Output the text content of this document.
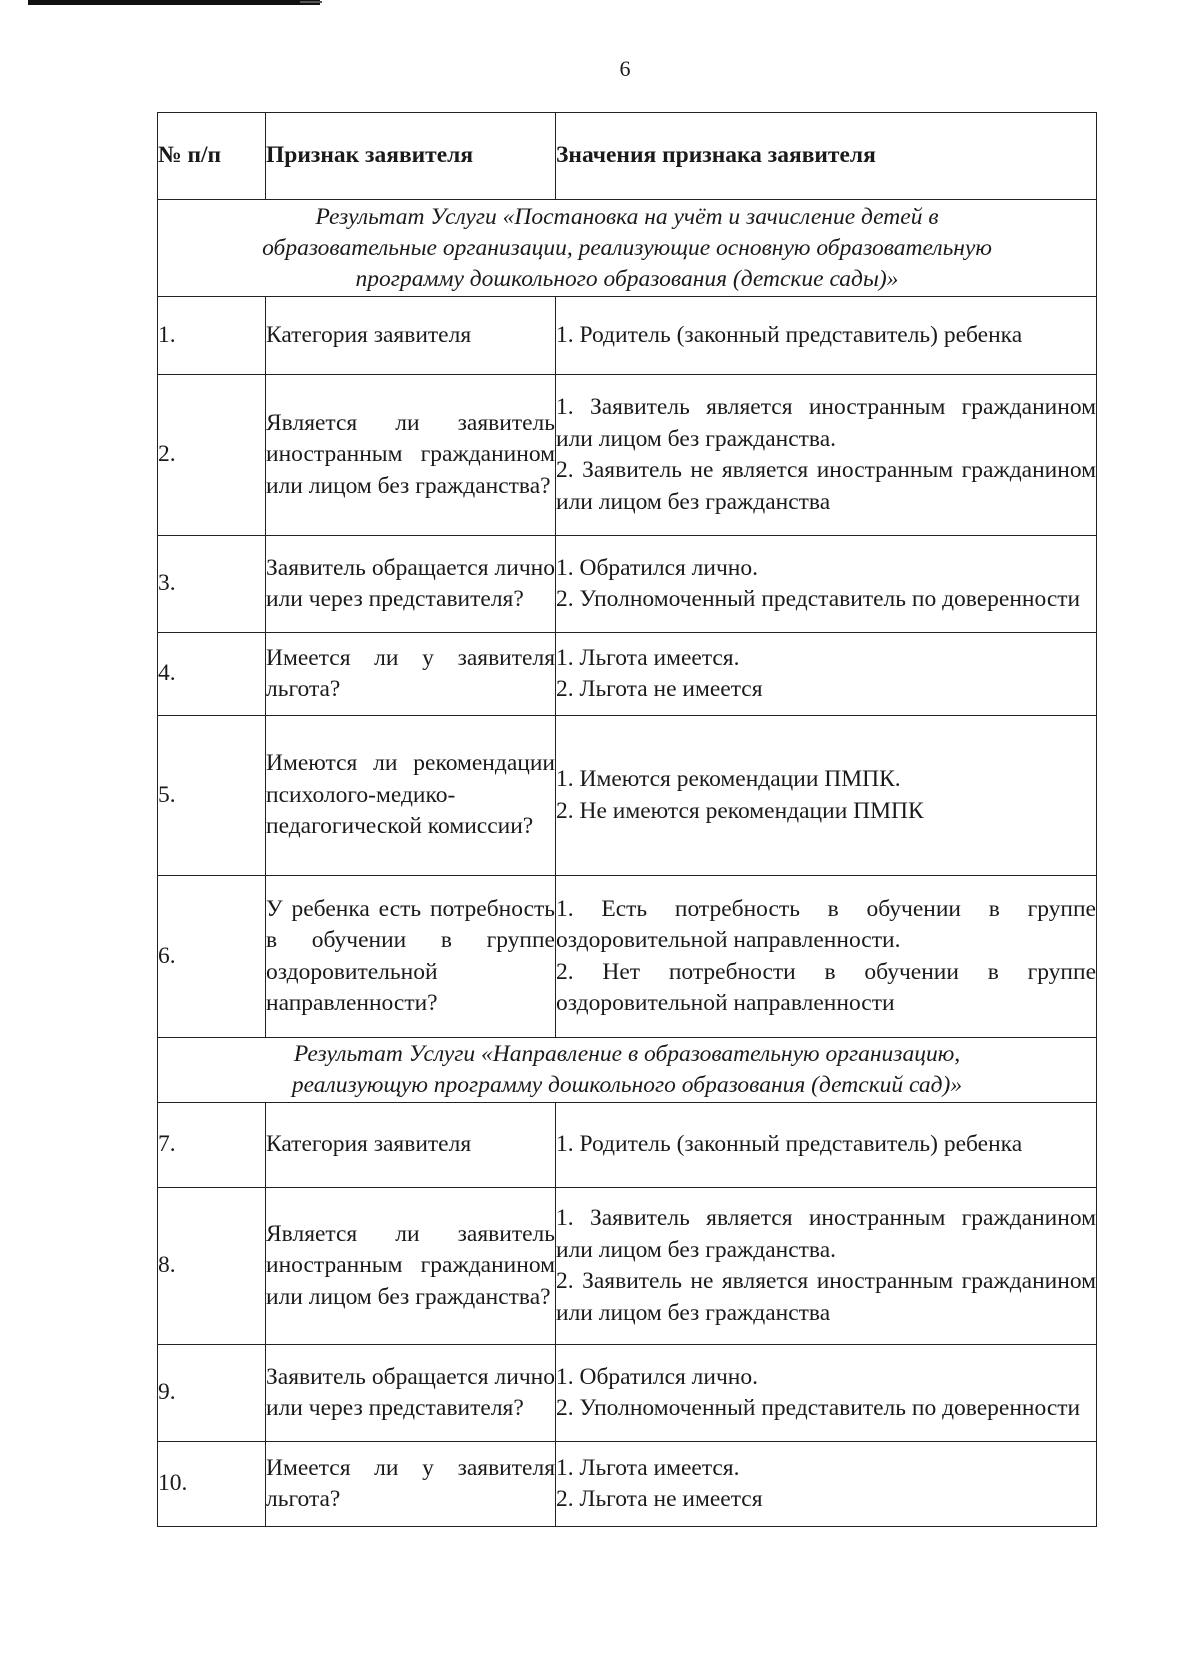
6
№ п/п	Признак заявителя	Значения признака заявителя

Результат Услуги «Постановка на учёт и зачисление детей в
образовательные организации, реализующие основную образовательную
программу дошкольного образования (детские сады)»		

1.	Категория заявителя	1. Родитель (законный представитель) ребенка

2.	Является ли заявитель иностранным гражданином или лицом без гражданства?	1. Заявитель является иностранным гражданином или лицом без гражданства.
2. Заявитель не является иностранным гражданином или лицом без гражданства

3.	Заявитель обращается лично или через представителя?	1. Обратился лично.
2. Уполномоченный представитель по доверенности

4.	Имеется ли у заявителя льгота?	1. Льгота имеется.
2. Льгота не имеется

5.	Имеются ли рекомендации психолого-медико-педагогической комиссии?	1. Имеются рекомендации ПМПК.
2. Не имеются рекомендации ПМПК

6.	У ребенка есть потребность в обучении в группе оздоровительной направленности?	1. Есть потребность в обучении в группе оздоровительной направленности.
2. Нет потребности в обучении в группе оздоровительной направленности

Результат Услуги «Направление в образовательную организацию,
реализующую программу дошкольного образования (детский сад)»		

7.	Категория заявителя	1. Родитель (законный представитель) ребенка

8.	Является ли заявитель иностранным гражданином или лицом без гражданства?	1. Заявитель является иностранным гражданином или лицом без гражданства.
2. Заявитель не является иностранным гражданином или лицом без гражданства

9.	Заявитель обращается лично или через представителя?	1. Обратился лично.
2. Уполномоченный представитель по доверенности

10.	Имеется ли у заявителя льгота?	1. Льгота имеется.
2. Льгота не имеется
